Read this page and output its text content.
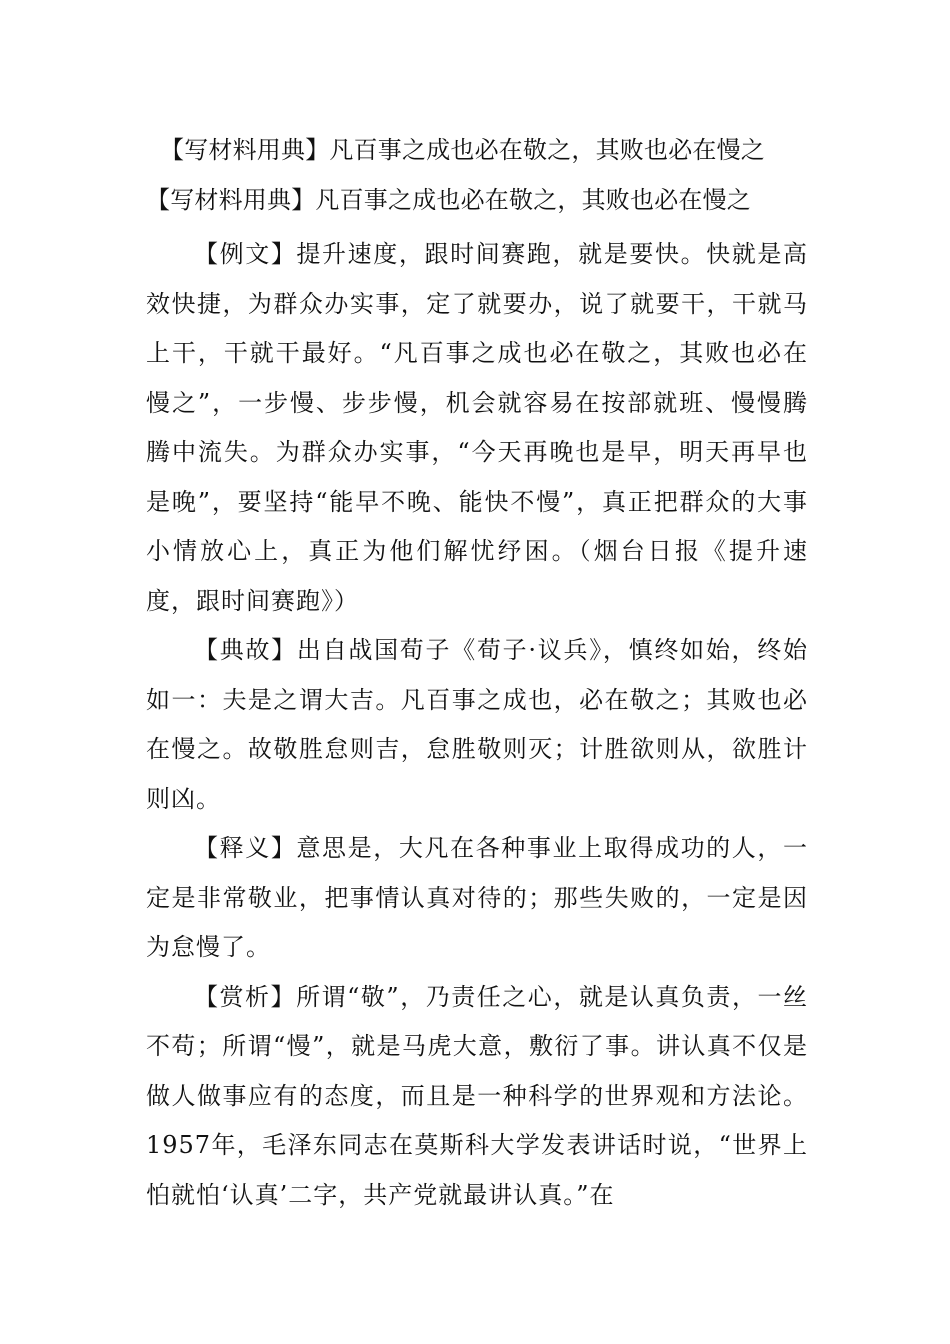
【写材料用典】凡百事之成也必在敬之，其败也必在慢之

【写材料用典】凡百事之成也必在敬之，其败也必在慢之

【例文】提升速度，跟时间赛跑，就是要快。快就是高效快捷，为群众办实事，定了就要办，说了就要干，干就马上干，干就干最好。“凡百事之成也必在敬之，其败也必在慢之”，一步慢、步步慢，机会就容易在按部就班、慢慢腾腾中流失。为群众办实事，“今天再晚也是早，明天再早也是晚”，要坚持“能早不晚、能快不慢”，真正把群众的大事小情放心上，真正为他们解忧纾困。（烟台日报《提升速度，跟时间赛跑》）

【典故】出自战国荀子《荀子·议兵》，慎终如始，终始如一：夫是之谓大吉。凡百事之成也，必在敬之；其败也必在慢之。故敬胜怠则吉，怠胜敬则灭；计胜欲则从，欲胜计则凶。

【释义】意思是，大凡在各种事业上取得成功的人，一定是非常敬业，把事情认真对待的；那些失败的，一定是因为怠慢了。

【赏析】所谓“敬”，乃责任之心，就是认真负责，一丝不苟；所谓“慢”，就是马虎大意，敷衍了事。讲认真不仅是做人做事应有的态度，而且是一种科学的世界观和方法论。1957年，毛泽东同志在莫斯科大学发表讲话时说，“世界上怕就怕‘认真’二字，共产党就最讲认真。”在
